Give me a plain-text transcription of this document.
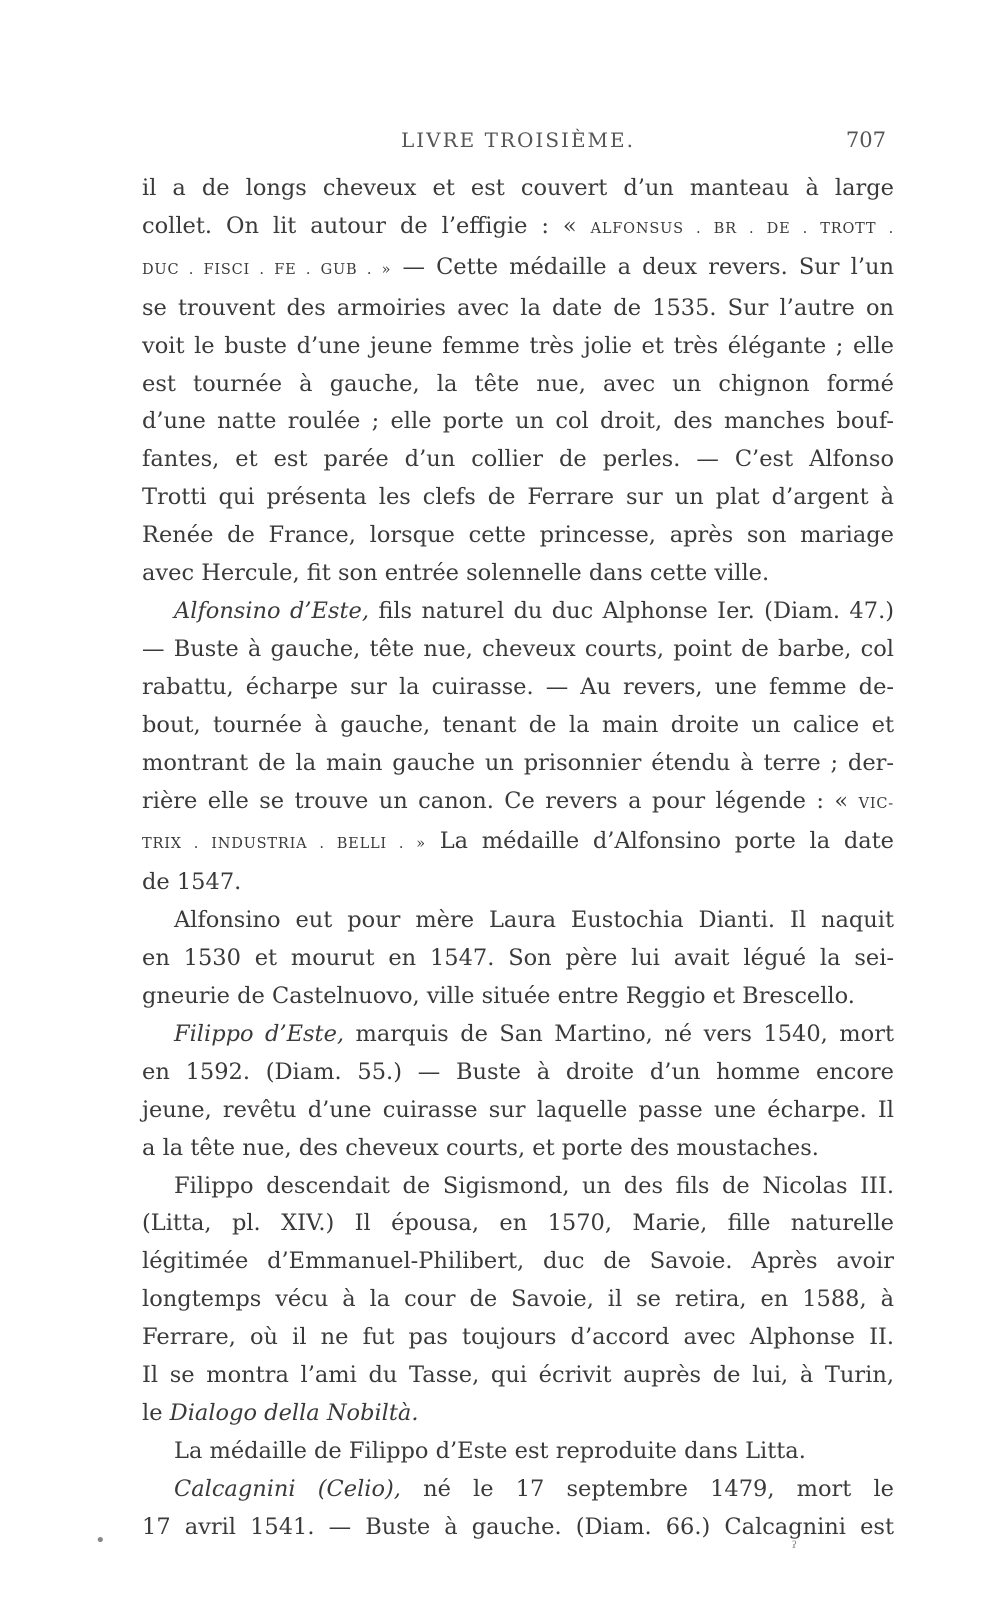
LIVRE TROISIÈME.	707
il a de longs cheveux et est couvert d’un manteau à large
collet. On lit autour de l’effigie : « ALFONSUS . BR . DE . TROTT .
DUC . FISCI . FE . GUB . » — Cette médaille a deux revers. Sur l’un
se trouvent des armoiries avec la date de 1535. Sur l’autre on
voit le buste d’une jeune femme très jolie et très élégante ; elle
est tournée à gauche, la tête nue, avec un chignon formé
d’une natte roulée ; elle porte un col droit, des manches bouf-
fantes, et est parée d’un collier de perles. — C’est Alfonso
Trotti qui présenta les clefs de Ferrare sur un plat d’argent à
Renée de France, lorsque cette princesse, après son mariage
avec Hercule, fit son entrée solennelle dans cette ville.
Alfonsino d’Este, fils naturel du duc Alphonse Ier. (Diam. 47.)
— Buste à gauche, tête nue, cheveux courts, point de barbe, col
rabattu, écharpe sur la cuirasse. — Au revers, une femme de-
bout, tournée à gauche, tenant de la main droite un calice et
montrant de la main gauche un prisonnier étendu à terre ; der-
rière elle se trouve un canon. Ce revers a pour légende : « VIC-
TRIX . INDUSTRIA . BELLI . » La médaille d’Alfonsino porte la date
de 1547.
Alfonsino eut pour mère Laura Eustochia Dianti. Il naquit
en 1530 et mourut en 1547. Son père lui avait légué la sei-
gneurie de Castelnuovo, ville située entre Reggio et Brescello.
Filippo d’Este, marquis de San Martino, né vers 1540, mort
en 1592. (Diam. 55.) — Buste à droite d’un homme encore
jeune, revêtu d’une cuirasse sur laquelle passe une écharpe. Il
a la tête nue, des cheveux courts, et porte des moustaches.
Filippo descendait de Sigismond, un des fils de Nicolas III.
(Litta, pl. XIV.) Il épousa, en 1570, Marie, fille naturelle
légitimée d’Emmanuel-Philibert, duc de Savoie. Après avoir
longtemps vécu à la cour de Savoie, il se retira, en 1588, à
Ferrare, où il ne fut pas toujours d’accord avec Alphonse II.
Il se montra l’ami du Tasse, qui écrivit auprès de lui, à Turin,
le Dialogo della Nobiltà.
La médaille de Filippo d’Este est reproduite dans Litta.
Calcagnini (Celio), né le 17 septembre 1479, mort le
17 avril 1541. — Buste à gauche. (Diam. 66.) Calcagnini est
•	ˀ
